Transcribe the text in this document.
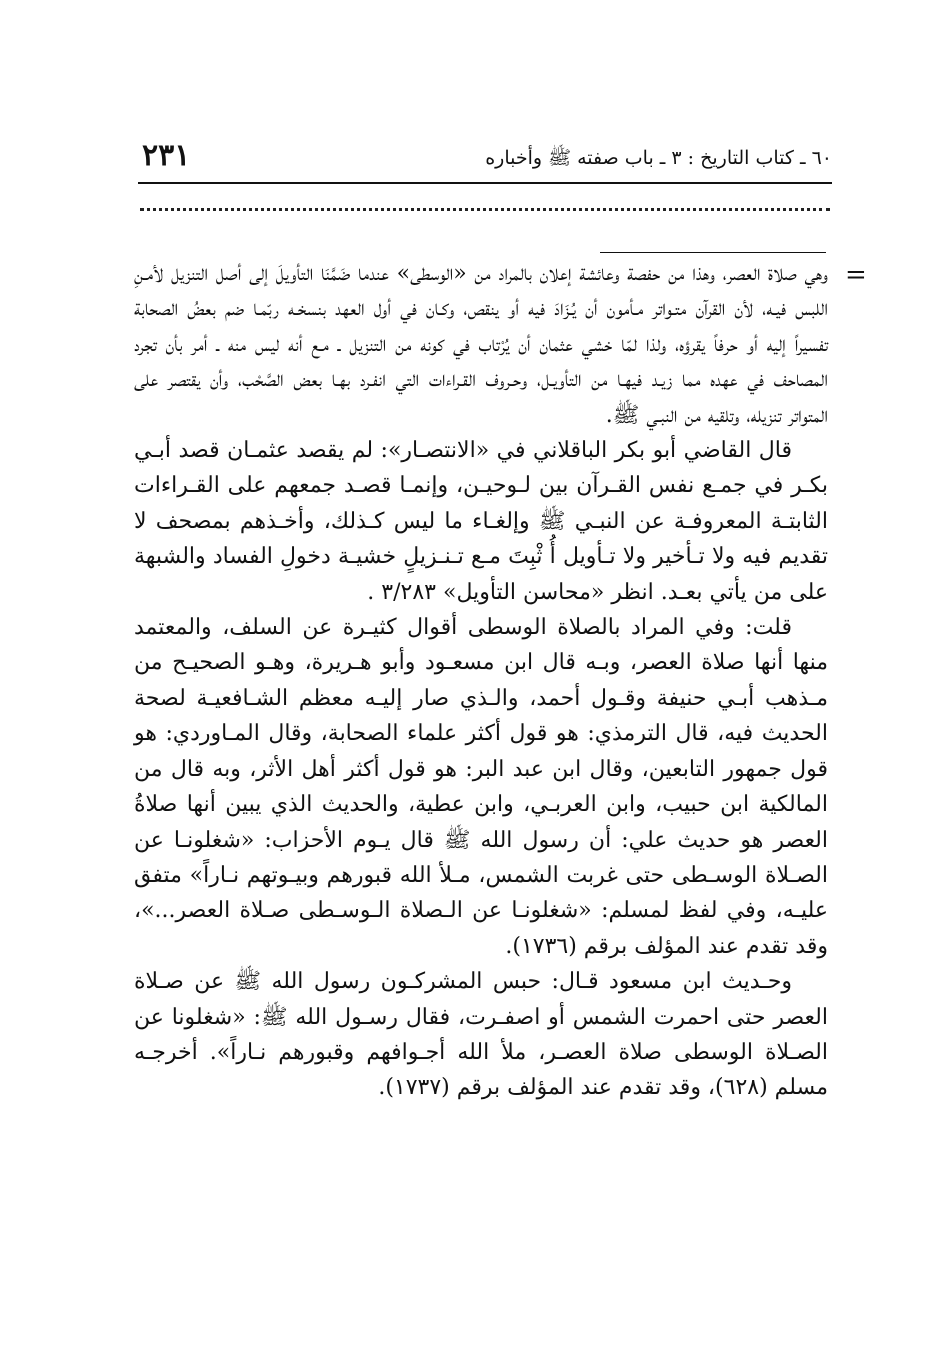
٦٠ ـ كتاب التاريخ : ٣ ـ باب صفته ﷺ وأخباره
٢٣١
=

وهي صلاة العصر، وهذا من حفصة وعائشة إعلان بالمراد من «الوسطى» عندما ضَمَّنَا التأويلَ إلى أصل التنزيل لأمـنِ اللبس فيـه، لأن القرآن متـواتر مـأمون أن يُـزَادَ فيه أو ينقص، وكـان في أول العهد بنسخـه ربّمـا ضم بعضُ الصحابة تفسيراً إليه أو حرفاً يقرؤه، ولذا لمّا خشي عثمان أن يُرْتاب في كونه من التنزيل ـ مـع أنه ليس منه ـ أمر بأن تجرد المصاحف في عهده مما زيـد فيهـا من التأويـل، وحـروف القـراءات التي انفـرد بهـا بعض الصَّحْب، وأن يقتصر على المتواتر تنزيله، وتلقيه من النبـي ﷺ.

قال القاضي أبو بكر الباقلاني في «الانتصـار»: لم يقصد عثمـان قصد أبـي بكـر في جمـع نفس القـرآن بين لـوحيـن، وإنمـا قصـد جمعهم على القـراءات الثابتـة المعروفـة عن النبـي ﷺ وإلغـاء ما ليس كـذلك، وأخـذهم بمصحف لا تقديم فيه ولا تـأخير ولا تـأويل أُ ثْبِتَ مـع تـنـزيلٍ خشيـة دخولِ الفساد والشبهة على من يأتي بعـد. انظر «محاسن التأويل» ٣/٢٨٣ .

قلت: وفي المراد بالصلاة الوسطى أقوال كثيـرة عن السلف، والمعتمد منها أنها صلاة العصر، وبـه قال ابن مسعـود وأبو هـريرة، وهـو الصحيـح من مـذهب أبـي حنيفة وقـول أحمد، والـذي صار إليـه معظم الشـافعيـة لصحة الحديث فيه، قال الترمذي: هو قول أكثر علماء الصحابة، وقال المـاوردي: هو قول جمهور التابعين، وقال ابن عبد البر: هو قول أكثر أهل الأثر، وبه قال من المالكية ابن حبيب، وابن العربـي، وابن عطية، والحديث الذي يبين أنها صلاةُ العصر هو حديث علي: أن رسول الله ﷺ قال يـوم الأحزاب: «شغلونـا عن الصـلاة الوسـطى حتى غربت الشمس، مـلأ الله قبورهم وبيـوتهم نـاراً» متفق عليـه، وفي لفظ لمسلم: «شغلونـا عن الـصلاة الـوسـطى صـلاة العصر...»، وقد تقدم عند المؤلف برقم (١٧٣٦).

وحـديث ابن مسعود قـال: حبس المشركـون رسول الله ﷺ عن صـلاة العصر حتى احمرت الشمس أو اصفـرت، فقال رسـول الله ﷺ: «شغلونا عن الصـلاة الوسطى صلاة العصـر، ملأ الله أجـوافهم وقبورهم نـاراً». أخرجـه مسلم (٦٢٨)، وقد تقدم عند المؤلف برقم (١٧٣٧).
